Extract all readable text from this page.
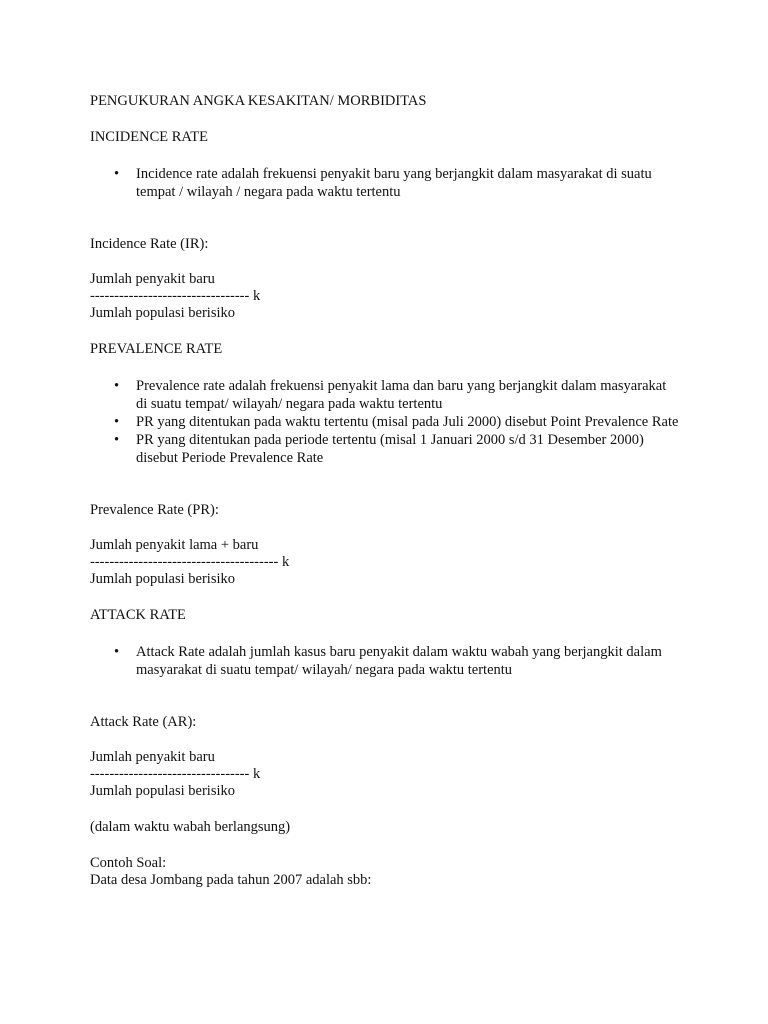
PENGUKURAN ANGKA KESAKITAN/ MORBIDITAS
INCIDENCE RATE
• Incidence rate adalah frekuensi penyakit baru yang berjangkit dalam masyarakat di suatu tempat / wilayah / negara pada waktu tertentu
Incidence Rate (IR):
Jumlah penyakit baru
--------------------------------- k
Jumlah populasi berisiko
PREVALENCE RATE
• Prevalence rate adalah frekuensi penyakit lama dan baru yang berjangkit dalam masyarakat di suatu tempat/ wilayah/ negara pada waktu tertentu
• PR yang ditentukan pada waktu tertentu (misal pada Juli 2000) disebut Point Prevalence Rate
• PR yang ditentukan pada periode tertentu (misal 1 Januari 2000 s/d 31 Desember 2000) disebut Periode Prevalence Rate
Prevalence Rate (PR):
Jumlah penyakit lama + baru
--------------------------------------- k
Jumlah populasi berisiko
ATTACK RATE
• Attack Rate adalah jumlah kasus baru penyakit dalam waktu wabah yang berjangkit dalam masyarakat di suatu tempat/ wilayah/ negara pada waktu tertentu
Attack Rate (AR):
Jumlah penyakit baru
--------------------------------- k
Jumlah populasi berisiko
(dalam waktu wabah berlangsung)
Contoh Soal:
Data desa Jombang pada tahun 2007 adalah sbb:
